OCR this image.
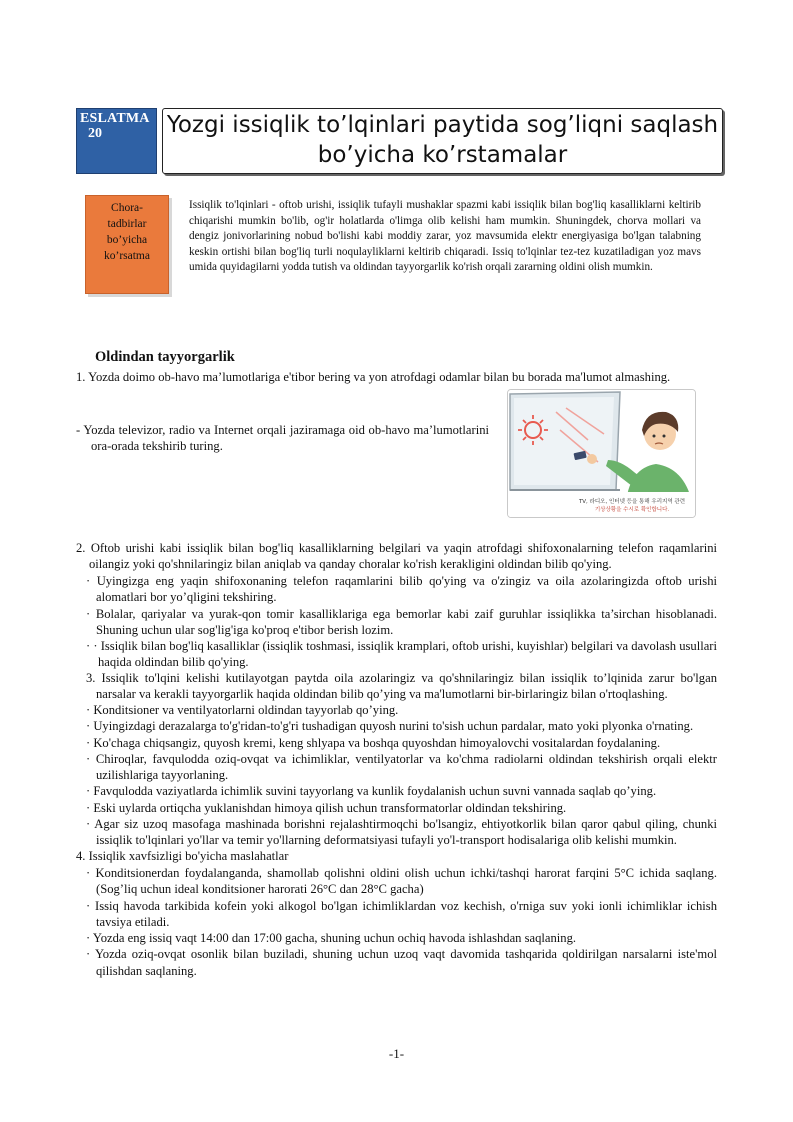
ESLATMA
20	Yozgi issiqlik to’lqinlari paytida sog’liqni saqlash
bo’yicha ko’rstamalar
Chora-
tadbirlar
bo’yicha
ko’rsatma
Issiqlik to'lqinlari - oftob urishi, issiqlik tufayli mushaklar spazmi kabi issiqlik bilan bog'liq kasalliklarni keltirib chiqarishi mumkin bo'lib, og'ir holatlarda o'limga olib kelishi ham mumkin. Shuningdek, chorva mollari va dengiz jonivorlarining nobud bo'lishi kabi moddiy zarar, yoz mavsumida elektr energiyasiga bo'lgan talabning keskin ortishi bilan bog'liq turli noqulayliklarni keltirib chiqaradi. Issiq to'lqinlar tez-tez kuzatiladigan yoz mavs umida quyidagilarni yodda tutish va oldindan tayyorgarlik ko'rish orqali zararning oldini olish mumkin.
Oldindan tayyorgarlik
1. Yozda doimo ob-havo ma’lumotlariga e'tibor bering va yon atrofdagi odamlar bilan bu borada ma'lumot almashing.
- Yozda televizor, radio va Internet orqali jaziramaga oid ob-havo ma’lumotlarini ora-orada tekshirib turing.
TV, 라디오, 인터넷 등을 통해 우리지역 관련
기상상황을 수시로 확인합니다.
2. Oftob urishi kabi issiqlik bilan bog'liq kasalliklarning belgilari va yaqin atrofdagi shifoxonalarning telefon raqamlarini oilangiz yoki qo'shnilaringiz bilan aniqlab va qanday choralar ko'rish kerakligini oldindan bilib qo'ying.
· Uyingizga eng yaqin shifoxonaning telefon raqamlarini bilib qo'ying va o'zingiz va oila azolaringizda oftob urishi alomatlari bor yo’qligini tekshiring.
· Bolalar, qariyalar va yurak-qon tomir kasalliklariga ega bemorlar kabi zaif guruhlar issiqlikka ta’sirchan hisoblanadi. Shuning uchun ular sog'lig'iga ko'proq e'tibor berish lozim.
· · Issiqlik bilan bog'liq kasalliklar (issiqlik toshmasi, issiqlik kramplari, oftob urishi, kuyishlar) belgilari va davolash usullari haqida oldindan bilib qo'ying.
3. Issiqlik to'lqini kelishi kutilayotgan paytda oila azolaringiz va qo'shnilaringiz bilan issiqlik to’lqinida zarur bo'lgan narsalar va kerakli tayyorgarlik haqida oldindan bilib qo’ying va ma'lumotlarni bir-birlaringiz bilan o'rtoqlashing.
· Konditsioner va ventilyatorlarni oldindan tayyorlab qo’ying.
· Uyingizdagi derazalarga to'g'ridan-to'g'ri tushadigan quyosh nurini to'sish uchun pardalar, mato yoki plyonka o'rnating.
· Ko'chaga chiqsangiz, quyosh kremi, keng shlyapa va boshqa quyoshdan himoyalovchi vositalardan foydalaning.
· Chiroqlar, favqulodda oziq-ovqat va ichimliklar, ventilyatorlar va ko'chma radiolarni oldindan tekshirish orqali elektr uzilishlariga tayyorlaning.
· Favqulodda vaziyatlarda ichimlik suvini tayyorlang va kunlik foydalanish uchun suvni vannada saqlab qo’ying.
· Eski uylarda ortiqcha yuklanishdan himoya qilish uchun transformatorlar oldindan tekshiring.
· Agar siz uzoq masofaga mashinada borishni rejalashtirmoqchi bo'lsangiz, ehtiyotkorlik bilan qaror qabul qiling, chunki issiqlik to'lqinlari yo'llar va temir yo'llarning deformatsiyasi tufayli yo'l-transport hodisalariga olib kelishi mumkin.
4. Issiqlik xavfsizligi bo'yicha maslahatlar
· Konditsionerdan foydalanganda, shamollab qolishni oldini olish uchun ichki/tashqi harorat farqini 5°C ichida saqlang. (Sog’liq uchun ideal konditsioner harorati 26°C dan 28°C gacha)
· Issiq havoda tarkibida kofein yoki alkogol bo'lgan ichimliklardan voz kechish, o'rniga suv yoki ionli ichimliklar ichish tavsiya etiladi.
· Yozda eng issiq vaqt 14:00 dan 17:00 gacha, shuning uchun ochiq havoda ishlashdan saqlaning.
· Yozda oziq-ovqat osonlik bilan buziladi, shuning uchun uzoq vaqt davomida tashqarida qoldirilgan narsalarni iste'mol qilishdan saqlaning.
-1-
